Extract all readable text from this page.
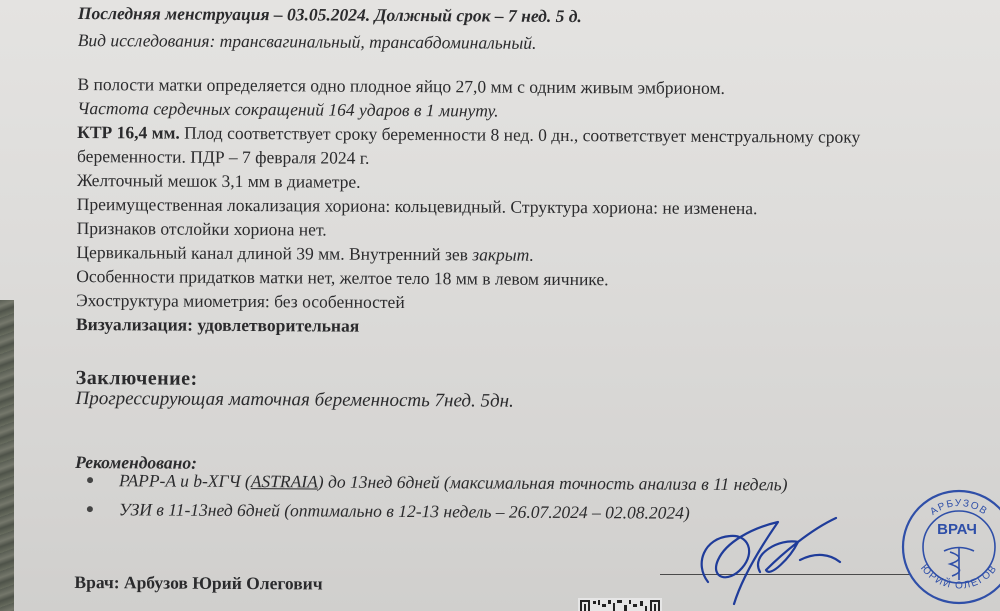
Последняя менструация – 03.05.2024. Должный срок – 7 нед. 5 д.
Вид исследования: трансвагинальный, трансабдоминальный.
В полости матки определяется одно плодное яйцо 27,0 мм с одним живым эмбрионом.
Частота сердечных сокращений 164 ударов в 1 минуту.
КТР 16,4 мм. Плод соответствует сроку беременности 8 нед. 0 дн., соответствует менструальному сроку
беременности. ПДР – 7 февраля 2024 г.
Желточный мешок 3,1 мм в диаметре.
Преимущественная локализация хориона: кольцевидный. Структура хориона: не изменена.
Признаков отслойки хориона нет.
Цервикальный канал длиной 39 мм. Внутренний зев закрыт.
Особенности придатков матки нет, желтое тело 18 мм в левом яичнике.
Эхоструктура миометрия: без особенностей
Визуализация: удовлетворительная
Заключение:
Прогрессирующая маточная беременность 7нед. 5дн.
Рекомендовано:
PAPP-A и b-ХГЧ (ASTRAIA) до 13нед 6дней (максимальная точность анализа в 11 недель)
УЗИ в 11-13нед 6дней (оптимально в 12-13 недель – 26.07.2024 – 02.08.2024)
Врач: Арбузов Юрий Олегович
АРБУЗОВ
ЮРИЙ ОЛЕГОВ
ВРАЧ
